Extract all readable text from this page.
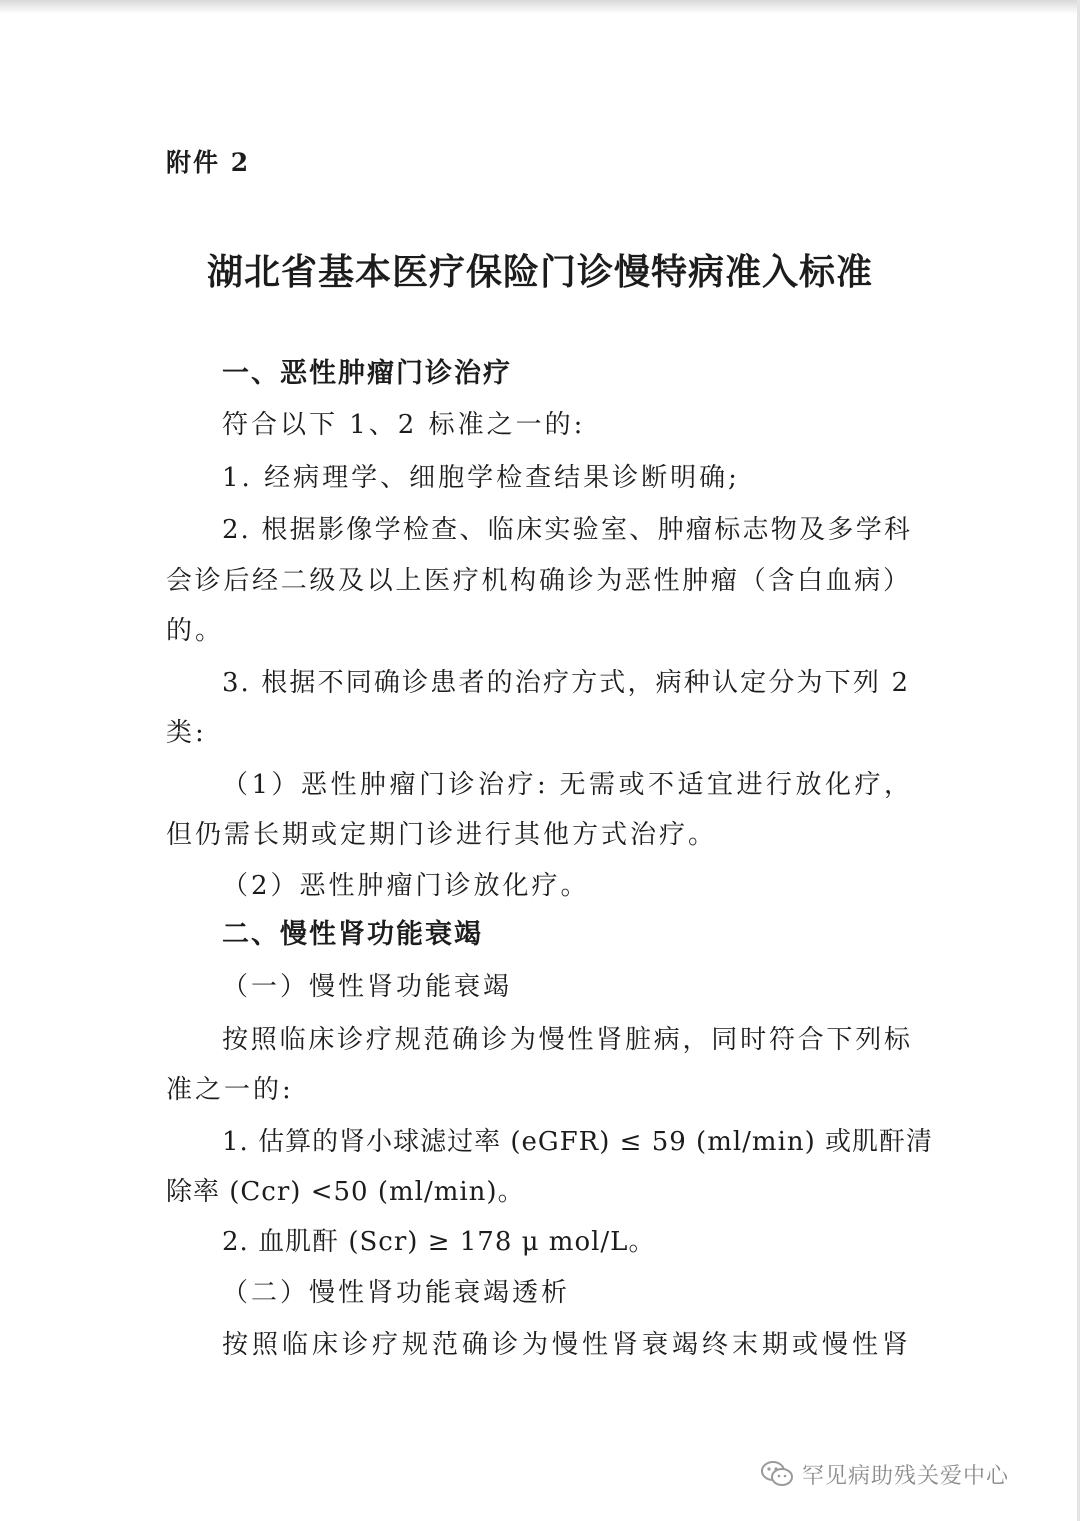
附件 2
湖北省基本医疗保险门诊慢特病准入标准
一、恶性肿瘤门诊治疗
符合以下 1、2 标准之一的:
1. 经病理学、细胞学检查结果诊断明确;
2. 根据影像学检查、临床实验室、肿瘤标志物及多学科
会诊后经二级及以上医疗机构确诊为恶性肿瘤（含白血病）
的。
3. 根据不同确诊患者的治疗方式，病种认定分为下列 2
类:
（1）恶性肿瘤门诊治疗: 无需或不适宜进行放化疗，
但仍需长期或定期门诊进行其他方式治疗。
（2）恶性肿瘤门诊放化疗。
二、慢性肾功能衰竭
（一）慢性肾功能衰竭
按照临床诊疗规范确诊为慢性肾脏病，同时符合下列标
准之一的:
1. 估算的肾小球滤过率 (eGFR) ≤ 59 (ml/min) 或肌酐清
除率 (Ccr) <50 (ml/min)。
2. 血肌酐 (Scr) ≥ 178 μ mol/L。
（二）慢性肾功能衰竭透析
按照临床诊疗规范确诊为慢性肾衰竭终末期或慢性肾
罕见病助残关爱中心
